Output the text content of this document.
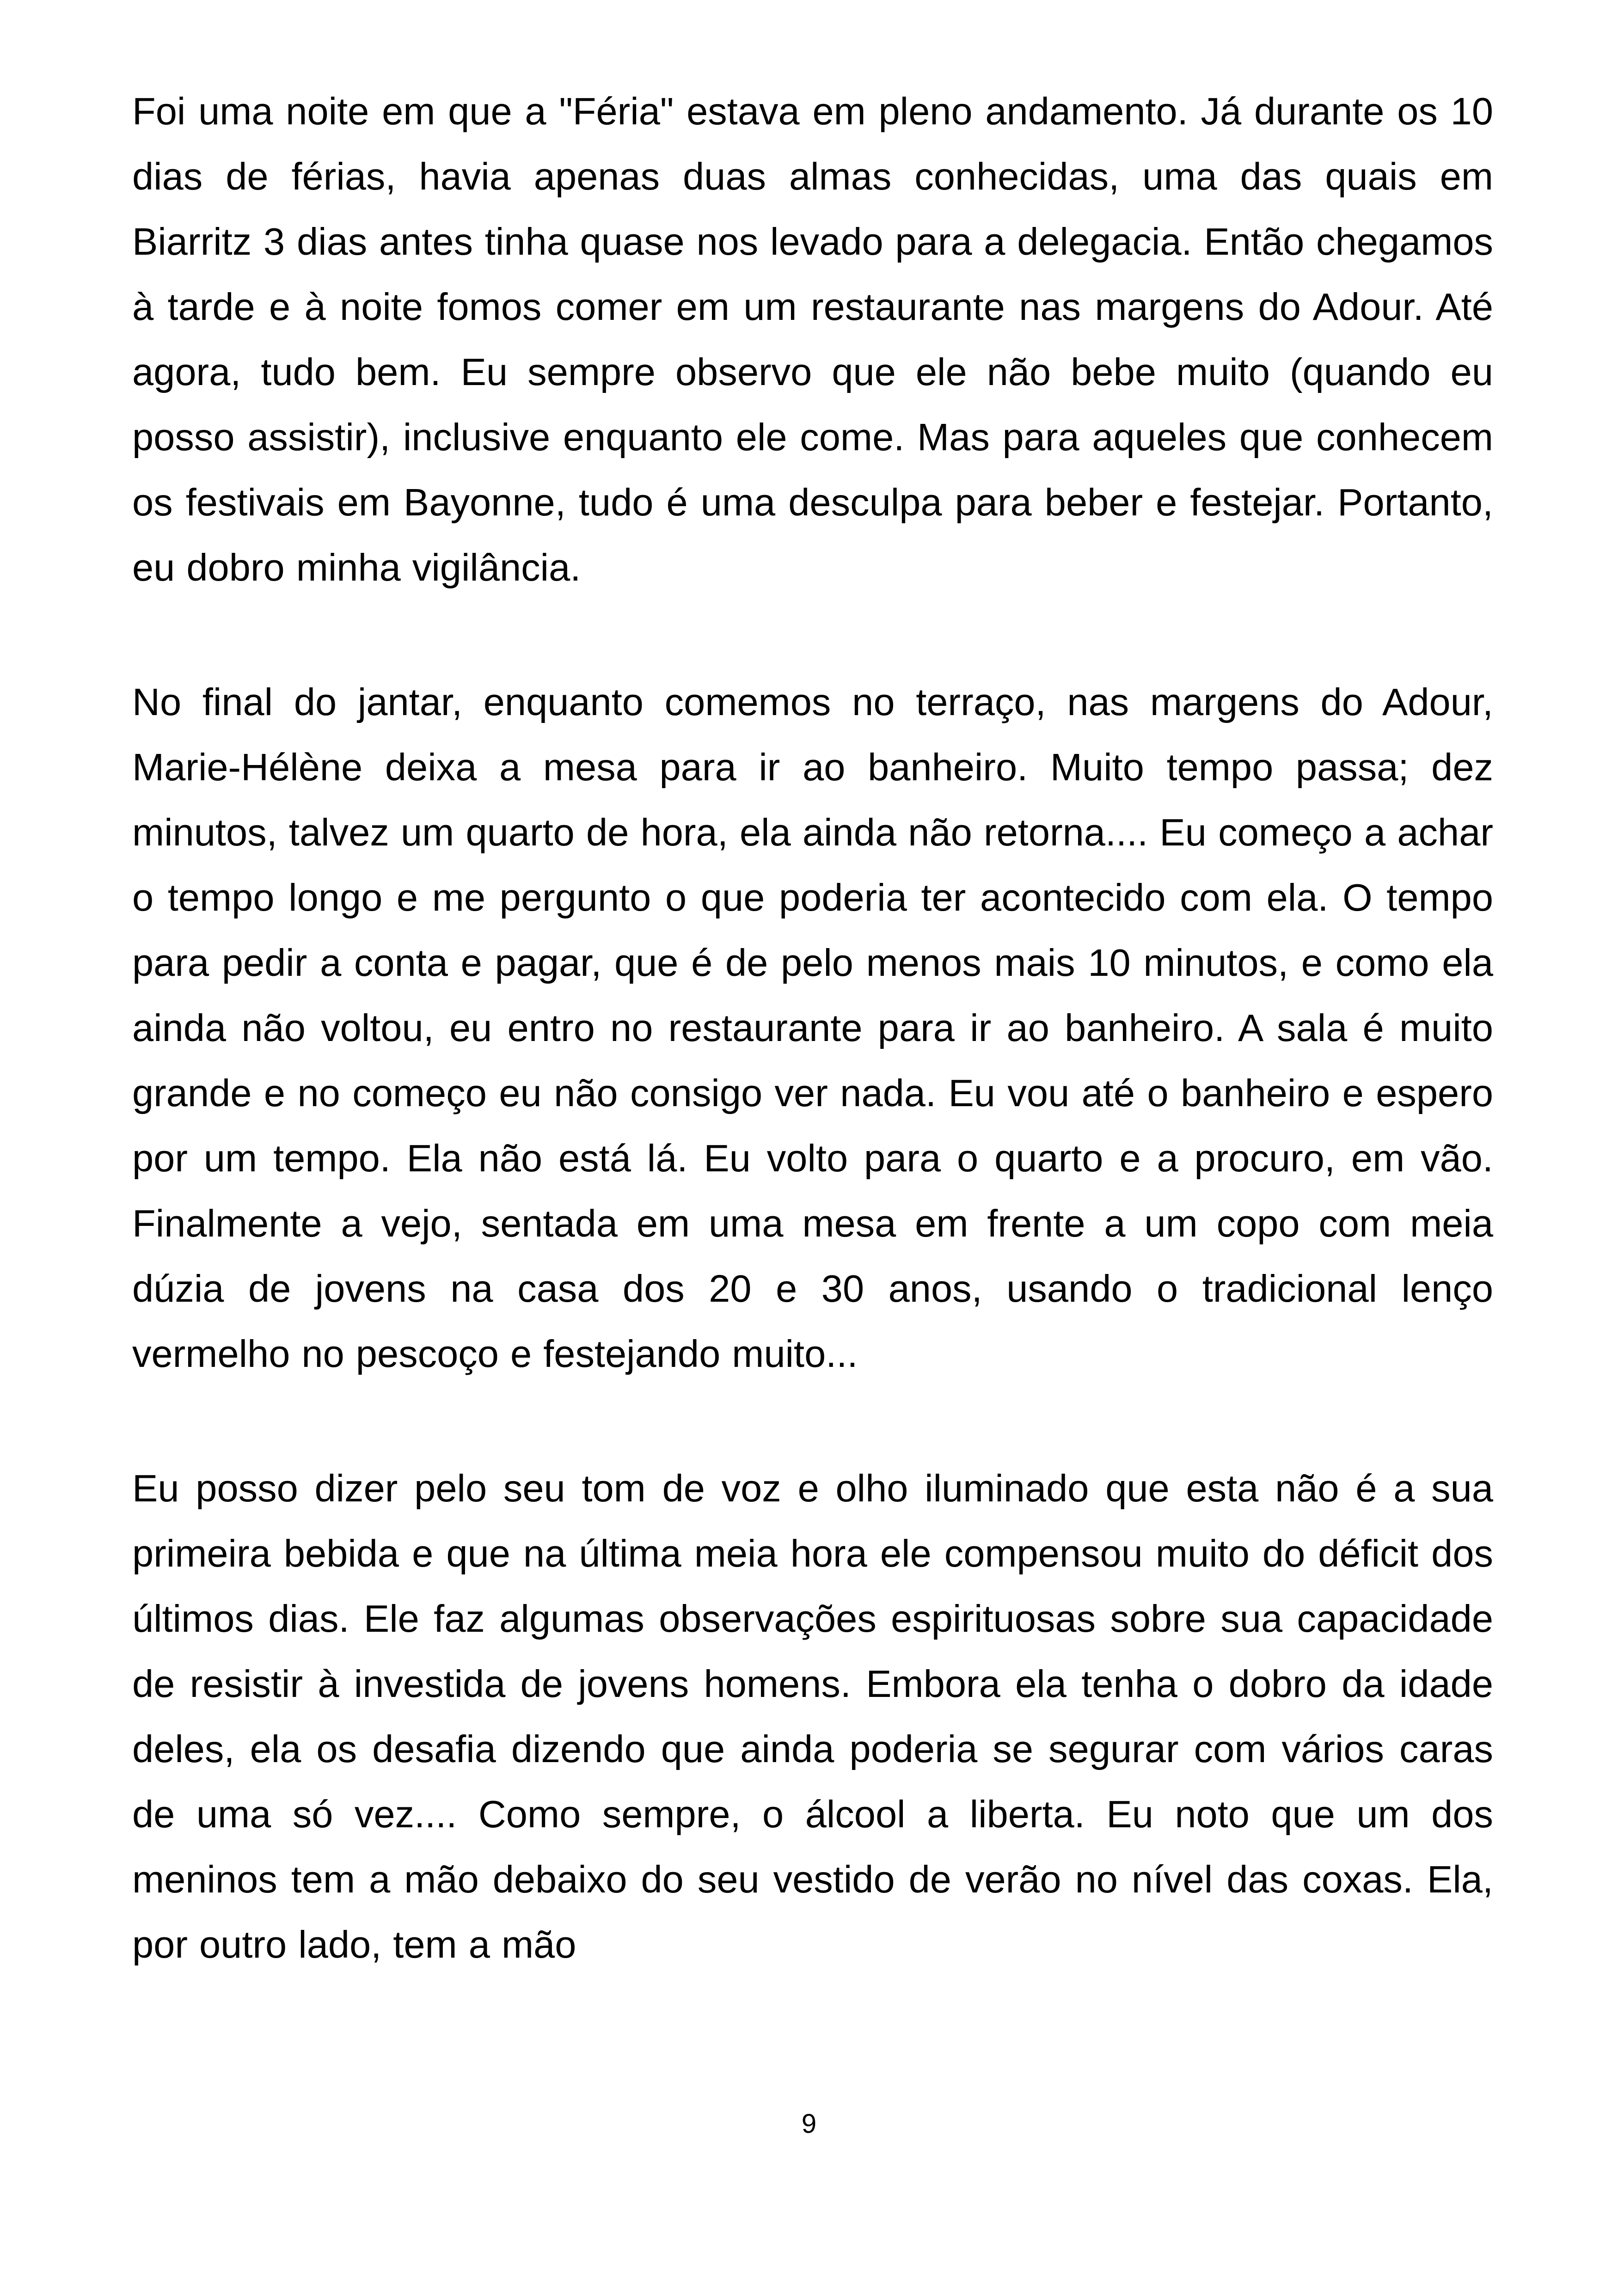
Foi uma noite em que a "Féria" estava em pleno andamento. Já durante os 10 dias de férias, havia apenas duas almas conhecidas, uma das quais em Biarritz 3 dias antes tinha quase nos levado para a delegacia. Então chegamos à tarde e à noite fomos comer em um restaurante nas margens do Adour. Até agora, tudo bem. Eu sempre observo que ele não bebe muito (quando eu posso assistir), inclusive enquanto ele come. Mas para aqueles que conhecem os festivais em Bayonne, tudo é uma desculpa para beber e festejar. Portanto, eu dobro minha vigilância.

No final do jantar, enquanto comemos no terraço, nas margens do Adour, Marie-Hélène deixa a mesa para ir ao banheiro. Muito tempo passa; dez minutos, talvez um quarto de hora, ela ainda não retorna.... Eu começo a achar o tempo longo e me pergunto o que poderia ter acontecido com ela. O tempo para pedir a conta e pagar, que é de pelo menos mais 10 minutos, e como ela ainda não voltou, eu entro no restaurante para ir ao banheiro. A sala é muito grande e no começo eu não consigo ver nada. Eu vou até o banheiro e espero por um tempo. Ela não está lá. Eu volto para o quarto e a procuro, em vão. Finalmente a vejo, sentada em uma mesa em frente a um copo com meia dúzia de jovens na casa dos 20 e 30 anos, usando o tradicional lenço vermelho no pescoço e festejando muito...

Eu posso dizer pelo seu tom de voz e olho iluminado que esta não é a sua primeira bebida e que na última meia hora ele compensou muito do déficit dos últimos dias. Ele faz algumas observações espirituosas sobre sua capacidade de resistir à investida de jovens homens. Embora ela tenha o dobro da idade deles, ela os desafia dizendo que ainda poderia se segurar com vários caras de uma só vez.... Como sempre, o álcool a liberta. Eu noto que um dos meninos tem a mão debaixo do seu vestido de verão no nível das coxas. Ela, por outro lado, tem a mão

9
